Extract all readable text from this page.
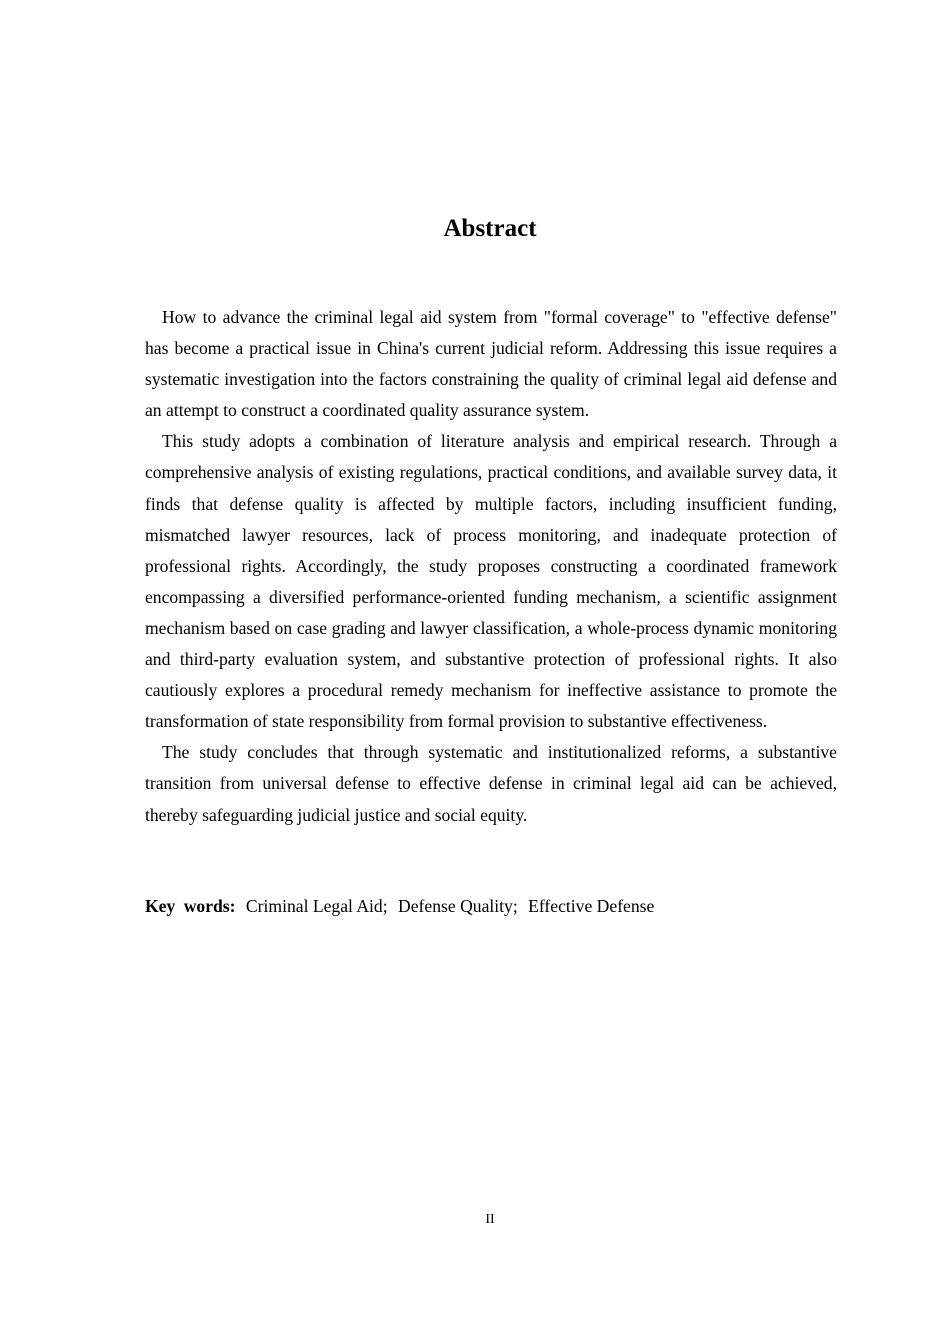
Abstract

How to advance the criminal legal aid system from "formal coverage" to "effective defense" has become a practical issue in China's current judicial reform. Addressing this issue requires a systematic investigation into the factors constraining the quality of criminal legal aid defense and an attempt to construct a coordinated quality assurance system.

This study adopts a combination of literature analysis and empirical research. Through a comprehensive analysis of existing regulations, practical conditions, and available survey data, it finds that defense quality is affected by multiple factors, including insufficient funding, mismatched lawyer resources, lack of process monitoring, and inadequate protection of professional rights. Accordingly, the study proposes constructing a coordinated framework encompassing a diversified performance-oriented funding mechanism, a scientific assignment mechanism based on case grading and lawyer classification, a whole-process dynamic monitoring and third-party evaluation system, and substantive protection of professional rights. It also cautiously explores a procedural remedy mechanism for ineffective assistance to promote the transformation of state responsibility from formal provision to substantive effectiveness.

The study concludes that through systematic and institutionalized reforms, a substantive transition from universal defense to effective defense in criminal legal aid can be achieved, thereby safeguarding judicial justice and social equity.

Key words: Criminal Legal Aid; Defense Quality; Effective Defense

II
